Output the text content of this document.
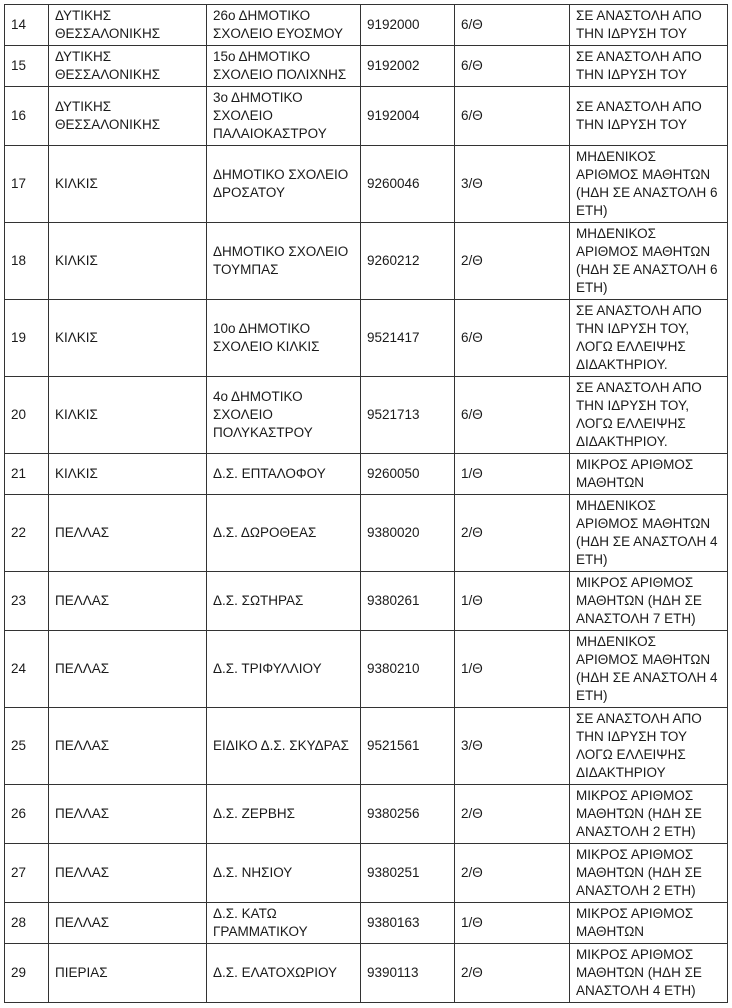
14	ΔΥΤΙΚΗΣ ΘΕΣΣΑΛΟΝΙΚΗΣ	26ο ΔΗΜΟΤΙΚΟ ΣΧΟΛΕΙΟ ΕΥΟΣΜΟΥ	9192000	6/Θ	ΣΕ ΑΝΑΣΤΟΛΗ ΑΠΟ ΤΗΝ ΙΔΡΥΣΗ ΤΟΥ
15	ΔΥΤΙΚΗΣ ΘΕΣΣΑΛΟΝΙΚΗΣ	15ο ΔΗΜΟΤΙΚΟ ΣΧΟΛΕΙΟ ΠΟΛΙΧΝΗΣ	9192002	6/Θ	ΣΕ ΑΝΑΣΤΟΛΗ ΑΠΟ ΤΗΝ ΙΔΡΥΣΗ ΤΟΥ
16	ΔΥΤΙΚΗΣ ΘΕΣΣΑΛΟΝΙΚΗΣ	3ο ΔΗΜΟΤΙΚΟ ΣΧΟΛΕΙΟ ΠΑΛΑΙΟΚΑΣΤΡΟΥ	9192004	6/Θ	ΣΕ ΑΝΑΣΤΟΛΗ ΑΠΟ ΤΗΝ ΙΔΡΥΣΗ ΤΟΥ
17	ΚΙΛΚΙΣ	ΔΗΜΟΤΙΚΟ ΣΧΟΛΕΙΟ ΔΡΟΣΑΤΟΥ	9260046	3/Θ	ΜΗΔΕΝΙΚΟΣ ΑΡΙΘΜΟΣ ΜΑΘΗΤΩΝ (ΗΔΗ ΣΕ ΑΝΑΣΤΟΛΗ 6 ΕΤΗ)
18	ΚΙΛΚΙΣ	ΔΗΜΟΤΙΚΟ ΣΧΟΛΕΙΟ ΤΟΥΜΠΑΣ	9260212	2/Θ	ΜΗΔΕΝΙΚΟΣ ΑΡΙΘΜΟΣ ΜΑΘΗΤΩΝ (ΗΔΗ ΣΕ ΑΝΑΣΤΟΛΗ 6 ΕΤΗ)
19	ΚΙΛΚΙΣ	10ο ΔΗΜΟΤΙΚΟ ΣΧΟΛΕΙΟ ΚΙΛΚΙΣ	9521417	6/Θ	ΣΕ ΑΝΑΣΤΟΛΗ ΑΠΟ ΤΗΝ ΙΔΡΥΣΗ ΤΟΥ, ΛΟΓΩ ΕΛΛΕΙΨΗΣ ΔΙΔΑΚΤΗΡΙΟΥ.
20	ΚΙΛΚΙΣ	4ο ΔΗΜΟΤΙΚΟ ΣΧΟΛΕΙΟ ΠΟΛΥΚΑΣΤΡΟΥ	9521713	6/Θ	ΣΕ ΑΝΑΣΤΟΛΗ ΑΠΟ ΤΗΝ ΙΔΡΥΣΗ ΤΟΥ, ΛΟΓΩ ΕΛΛΕΙΨΗΣ ΔΙΔΑΚΤΗΡΙΟΥ.
21	ΚΙΛΚΙΣ	Δ.Σ. ΕΠΤΑΛΟΦΟΥ	9260050	1/Θ	ΜΙΚΡΟΣ ΑΡΙΘΜΟΣ ΜΑΘΗΤΩΝ
22	ΠΕΛΛΑΣ	Δ.Σ. ΔΩΡΟΘΕΑΣ	9380020	2/Θ	ΜΗΔΕΝΙΚΟΣ ΑΡΙΘΜΟΣ ΜΑΘΗΤΩΝ (ΗΔΗ ΣΕ ΑΝΑΣΤΟΛΗ 4 ΕΤΗ)
23	ΠΕΛΛΑΣ	Δ.Σ. ΣΩΤΗΡΑΣ	9380261	1/Θ	ΜΙΚΡΟΣ ΑΡΙΘΜΟΣ ΜΑΘΗΤΩΝ (ΗΔΗ ΣΕ ΑΝΑΣΤΟΛΗ 7 ΕΤΗ)
24	ΠΕΛΛΑΣ	Δ.Σ. ΤΡΙΦΥΛΛΙΟΥ	9380210	1/Θ	ΜΗΔΕΝΙΚΟΣ ΑΡΙΘΜΟΣ ΜΑΘΗΤΩΝ (ΗΔΗ ΣΕ ΑΝΑΣΤΟΛΗ 4 ΕΤΗ)
25	ΠΕΛΛΑΣ	ΕΙΔΙΚΟ Δ.Σ. ΣΚΥΔΡΑΣ	9521561	3/Θ	ΣΕ ΑΝΑΣΤΟΛΗ ΑΠΟ ΤΗΝ ΙΔΡΥΣΗ ΤΟΥ ΛΟΓΩ ΕΛΛΕΙΨΗΣ ΔΙΔΑΚΤΗΡΙΟΥ
26	ΠΕΛΛΑΣ	Δ.Σ. ΖΕΡΒΗΣ	9380256	2/Θ	ΜΙΚΡΟΣ ΑΡΙΘΜΟΣ ΜΑΘΗΤΩΝ (ΗΔΗ ΣΕ ΑΝΑΣΤΟΛΗ 2 ΕΤΗ)
27	ΠΕΛΛΑΣ	Δ.Σ. ΝΗΣΙΟΥ	9380251	2/Θ	ΜΙΚΡΟΣ ΑΡΙΘΜΟΣ ΜΑΘΗΤΩΝ (ΗΔΗ ΣΕ ΑΝΑΣΤΟΛΗ 2 ΕΤΗ)
28	ΠΕΛΛΑΣ	Δ.Σ. ΚΑΤΩ ΓΡΑΜΜΑΤΙΚΟΥ	9380163	1/Θ	ΜΙΚΡΟΣ ΑΡΙΘΜΟΣ ΜΑΘΗΤΩΝ
29	ΠΙΕΡΙΑΣ	Δ.Σ. ΕΛΑΤΟΧΩΡΙΟΥ	9390113	2/Θ	ΜΙΚΡΟΣ ΑΡΙΘΜΟΣ ΜΑΘΗΤΩΝ (ΗΔΗ ΣΕ ΑΝΑΣΤΟΛΗ 4 ΕΤΗ)
